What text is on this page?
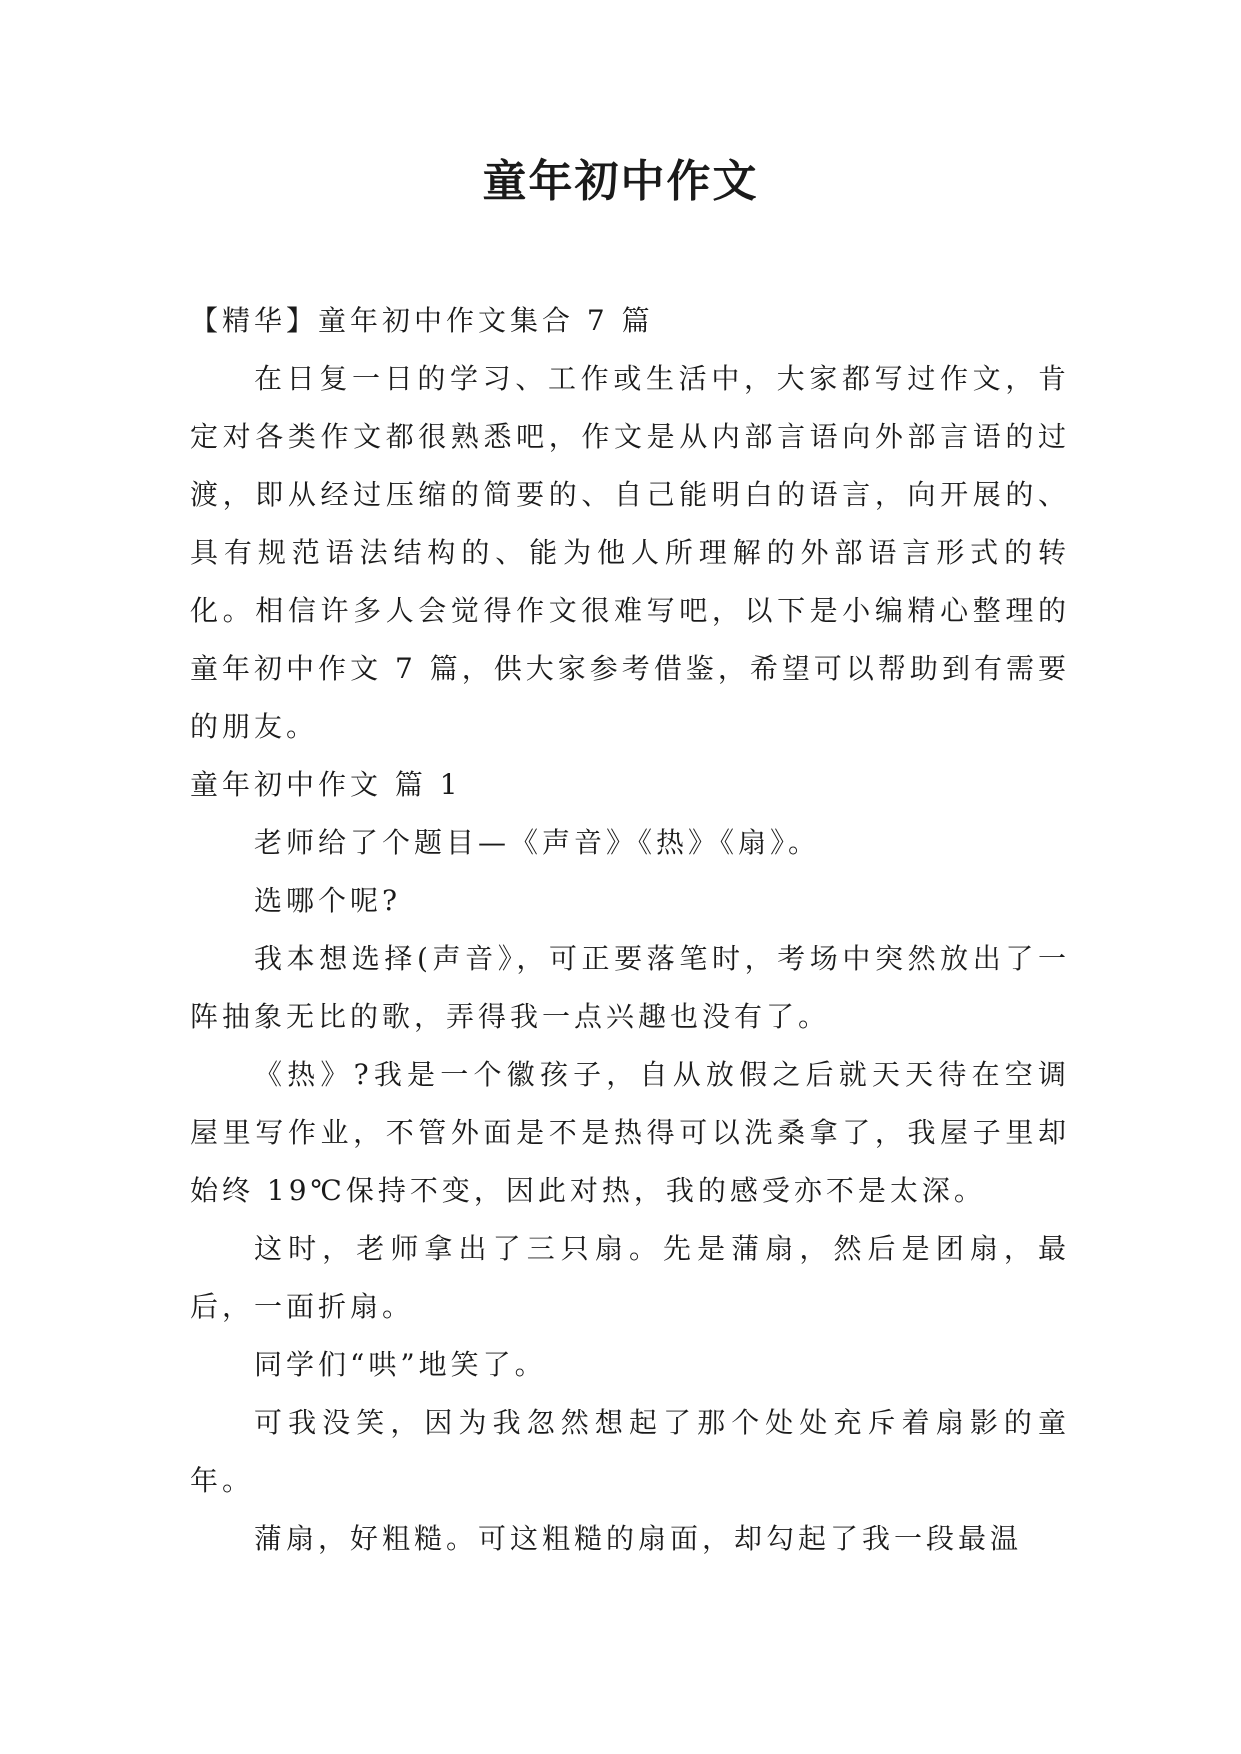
童年初中作文

【精华】童年初中作文集合 7 篇

在日复一日的学习、工作或生活中，大家都写过作文，肯定对各类作文都很熟悉吧，作文是从内部言语向外部言语的过渡，即从经过压缩的简要的、自己能明白的语言，向开展的、具有规范语法结构的、能为他人所理解的外部语言形式的转化。相信许多人会觉得作文很难写吧，以下是小编精心整理的童年初中作文 7 篇，供大家参考借鉴，希望可以帮助到有需要的朋友。

童年初中作文 篇 1

老师给了个题目—《声音》《热》《扇》。

选哪个呢?

我本想选择(声音》，可正要落笔时，考场中突然放出了一阵抽象无比的歌，弄得我一点兴趣也没有了。

《热》?我是一个徽孩子，自从放假之后就天天待在空调屋里写作业，不管外面是不是热得可以洗桑拿了，我屋子里却始终 19℃保持不变，因此对热，我的感受亦不是太深。

这时，老师拿出了三只扇。先是蒲扇，然后是团扇，最后，一面折扇。

同学们“哄”地笑了。

可我没笑，因为我忽然想起了那个处处充斥着扇影的童年。

蒲扇，好粗糙。可这粗糙的扇面，却勾起了我一段最温
